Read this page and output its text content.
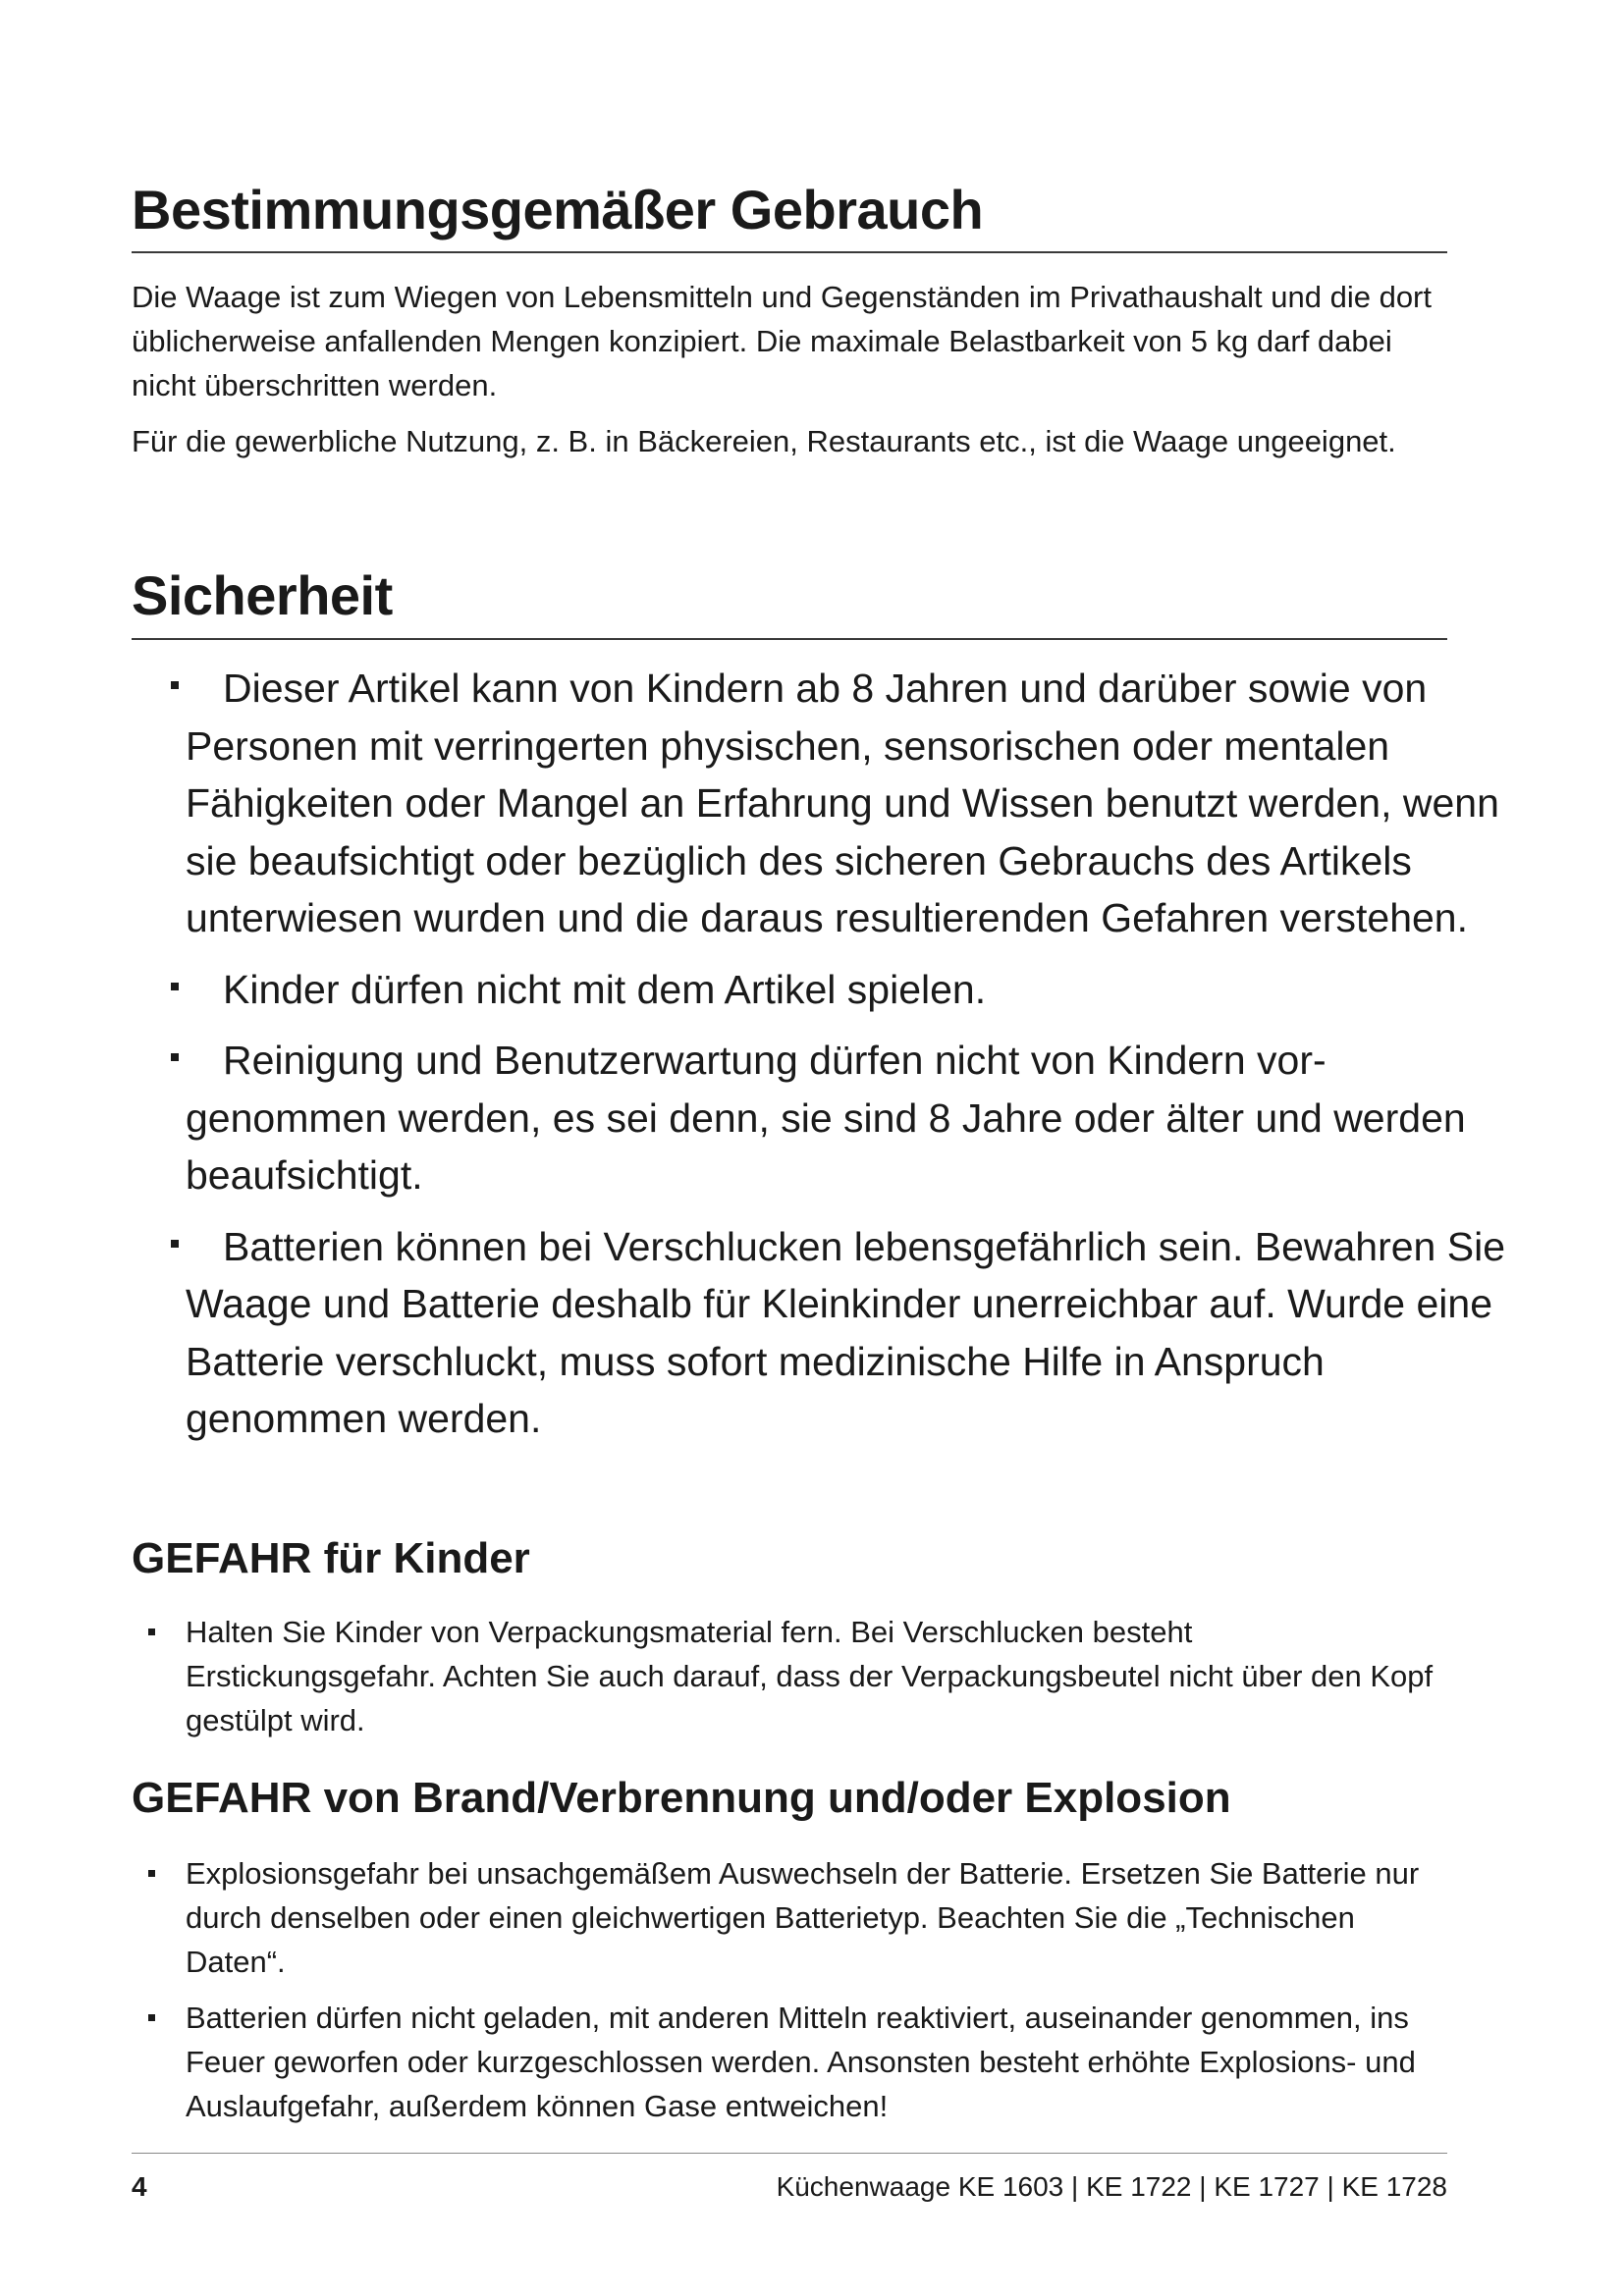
Bestimmungsgemäßer Gebrauch

Die Waage ist zum Wiegen von Lebensmitteln und Gegenständen im Privathaushalt und die dort üblicherweise anfallenden Mengen konzipiert. Die maximale Belastbarkeit von 5 kg darf dabei nicht überschritten werden.

Für die gewerbliche Nutzung, z. B. in Bäckereien, Restaurants etc., ist die Waage ungeeignet.

Sicherheit
Dieser Artikel kann von Kindern ab 8 Jahren und darüber sowie von Personen mit verringerten physischen, sensorischen oder mentalen Fähigkeiten oder Mangel an Erfahrung und Wissen benutzt werden, wenn sie beaufsichtigt oder bezüglich des sicheren Gebrauchs des Artikels unterwiesen wurden und die daraus resultierenden Gefahren verstehen.
Kinder dürfen nicht mit dem Artikel spielen.
Reinigung und Benutzerwartung dürfen nicht von Kindern vor-genommen werden, es sei denn, sie sind 8 Jahre oder älter und werden beaufsichtigt.
Batterien können bei Verschlucken lebensgefährlich sein. Bewahren Sie Waage und Batterie deshalb für Kleinkinder unerreichbar auf. Wurde eine Batterie verschluckt, muss sofort medizinische Hilfe in Anspruch genommen werden.
GEFAHR für Kinder
Halten Sie Kinder von Verpackungsmaterial fern. Bei Verschlucken besteht Erstickungsgefahr. Achten Sie auch darauf, dass der Verpackungsbeutel nicht über den Kopf gestülpt wird.
GEFAHR von Brand/Verbrennung und/oder Explosion
Explosionsgefahr bei unsachgemäßem Auswechseln der Batterie. Ersetzen Sie Batterie nur durch denselben oder einen gleichwertigen Batterietyp. Beachten Sie die „Technischen Daten“.
Batterien dürfen nicht geladen, mit anderen Mitteln reaktiviert, auseinander genommen, ins Feuer geworfen oder kurzgeschlossen werden. Ansonsten besteht erhöhte Explosions- und Auslaufgefahr, außerdem können Gase entweichen!
4	Küchenwaage KE 1603 | KE 1722 | KE 1727 | KE 1728
